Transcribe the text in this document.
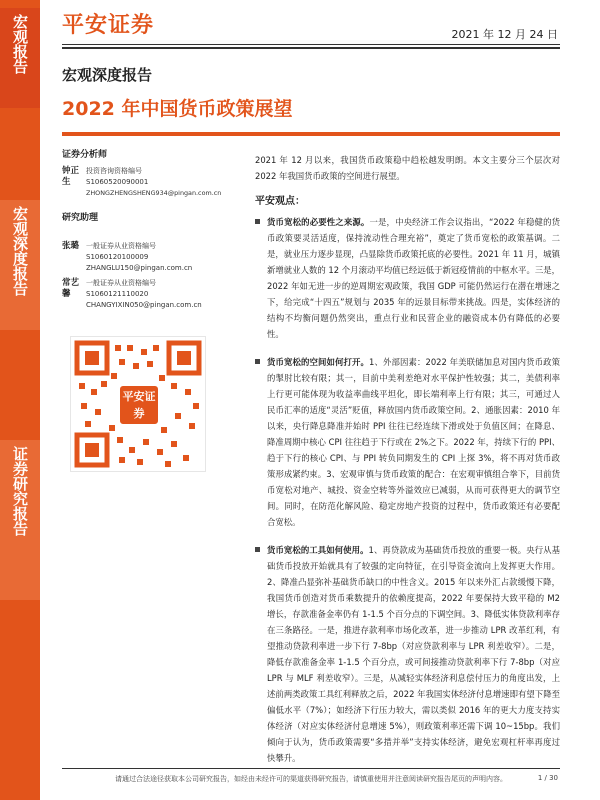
宏观报告
宏观深度报告
证券研究报告
平安证券	2021 年 12 月 24 日
宏观深度报告
2022 年中国货币政策展望
证券分析师
钟正生
投资咨询资格编号
S1060520090001
ZHONGZHENGSHENG934@pingan.com.cn
研究助理
张璐 一般证券从业资格编号
S1060120100009
ZHANGLU150@pingan.com.cn
常艺馨
一般证券从业资格编号
S1060121110020
CHANGYIXIN050@pingan.com.cn
平安证券

2021 年 12 月以来，我国货币政策稳中趋松越发明朗。本文主要分三个层次对 2022 年我国货币政策的空间进行展望。

平安观点：
货币宽松的必要性之来源。一是，中央经济工作会议指出，“2022 年稳健的货币政策要灵活适度，保持流动性合理充裕”，奠定了货币宽松的政策基调。二是，就业压力逐步显现，凸显除货币政策托底的必要性。2021 年 11 月，城镇新增就业人数的 12 个月滚动平均值已经远低于新冠疫情前的中枢水平。三是，2022 年如无进一步的逆周期宏观政策，我国 GDP 可能仍然运行在潜在增速之下，给完成“十四五”规划与 2035 年的远景目标带来挑战。四是，实体经济的结构不均衡问题仍然突出，重点行业和民营企业的融资成本仍有降低的必要性。
货币宽松的空间如何打开。1、外部因素：2022 年美联储加息对国内货币政策的掣肘比较有限；其一，目前中美利差绝对水平保护性较强；其二，美债利率上行更可能体现为收益率曲线平坦化，即长端利率上行有限；其三，可通过人民币汇率的适度“灵活”贬值，释放国内货币政策空间。2、通胀因素：2010 年以来，央行降息降准并始时 PPI 往往已经连续下滑或处于负值区间；在降息、降准周期中核心 CPI 往往趋于下行或在 2%之下。2022 年，持续下行的 PPI、趋于下行的核心 CPI、与 PPI 转负同期发生的 CPI 上探 3%，将不再对货币政策形成紧约束。3、宏观审慎与货币政策的配合：在宏观审慎组合拳下，目前货币宽松对地产、城投、资金空转等外溢效应已减弱，从而可获得更大的调节空间。同时，在防范化解风险、稳定房地产投资的过程中，货币政策还有必要配合宽松。
货币宽松的工具如何使用。1、再贷款成为基础货币投放的重要一极。央行从基础货币投放开始就具有了较强的定向特征，在引导资金流向上发挥更大作用。2、降准凸显弥补基础货币缺口的中性含义。2015 年以来外汇占款缓慢下降，我国货币创造对货币乘数提升的依赖度提高，2022 年要保持大致平稳的 M2 增长，存款准备金率仍有 1-1.5 个百分点的下调空间。3、降低实体贷款利率存在三条路径。一是，推进存款利率市场化改革，进一步推动 LPR 改革红利，有望推动贷款利率进一步下行 7-8bp（对应贷款利率与 LPR 利差收窄）。二是，降低存款准备金率 1-1.5 个百分点，或可间接推动贷款利率下行 7-8bp（对应 LPR 与 MLF 利差收窄）。三是，从减轻实体经济利息偿付压力的角度出发，上述前两类政策工具红利释放之后，2022 年我国实体经济付息增速即有望下降至偏低水平（7%）；如经济下行压力较大，需以类似 2016 年的更大力度支持实体经济（对应实体经济付息增速 5%），则政策利率还需下调 10~15bp。我们倾向于认为，货币政策需要“多措并举”支持实体经济，避免宏观杠杆率再度过快攀升。
请通过合法途径获取本公司研究报告，如经由未经许可的渠道获得研究报告，请慎重使用并注意阅读研究报告尾页的声明内容。	1 / 30
